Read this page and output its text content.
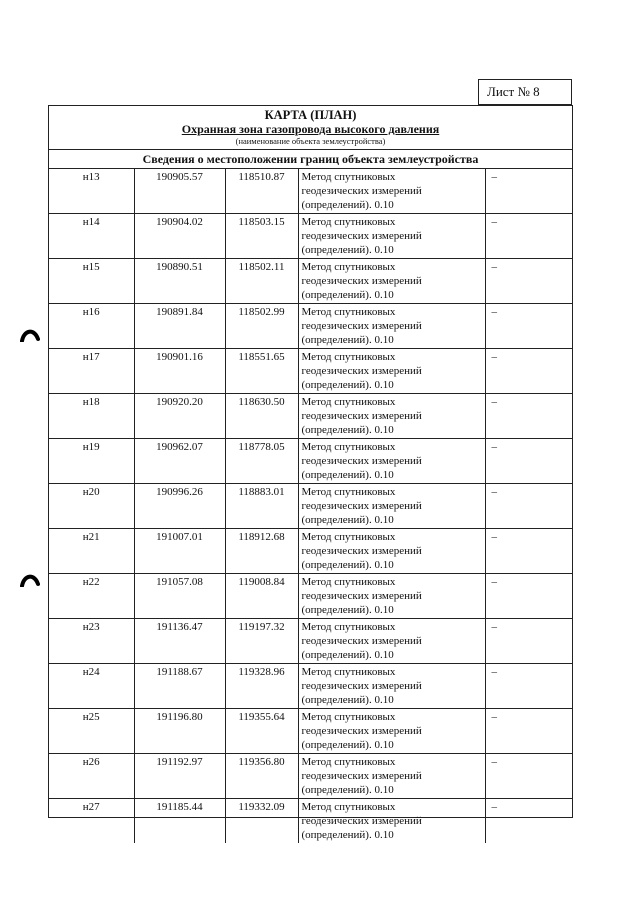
Лист № 8
КАРТА (ПЛАН)
Охранная зона газопровода высокого давления
(наименование объекта землеустройства)
Сведения о местоположении границ объекта землеустройства
н13	190905.57	118510.87	Метод спутниковых
геодезических измерений
(определений). 0.10	–
н14	190904.02	118503.15	Метод спутниковых
геодезических измерений
(определений). 0.10	–
н15	190890.51	118502.11	Метод спутниковых
геодезических измерений
(определений). 0.10	–
н16	190891.84	118502.99	Метод спутниковых
геодезических измерений
(определений). 0.10	–
н17	190901.16	118551.65	Метод спутниковых
геодезических измерений
(определений). 0.10	–
н18	190920.20	118630.50	Метод спутниковых
геодезических измерений
(определений). 0.10	–
н19	190962.07	118778.05	Метод спутниковых
геодезических измерений
(определений). 0.10	–
н20	190996.26	118883.01	Метод спутниковых
геодезических измерений
(определений). 0.10	–
н21	191007.01	118912.68	Метод спутниковых
геодезических измерений
(определений). 0.10	–
н22	191057.08	119008.84	Метод спутниковых
геодезических измерений
(определений). 0.10	–
н23	191136.47	119197.32	Метод спутниковых
геодезических измерений
(определений). 0.10	–
н24	191188.67	119328.96	Метод спутниковых
геодезических измерений
(определений). 0.10	–
н25	191196.80	119355.64	Метод спутниковых
геодезических измерений
(определений). 0.10	–
н26	191192.97	119356.80	Метод спутниковых
геодезических измерений
(определений). 0.10	–
н27	191185.44	119332.09	Метод спутниковых
геодезических измерений
(определений). 0.10	–
